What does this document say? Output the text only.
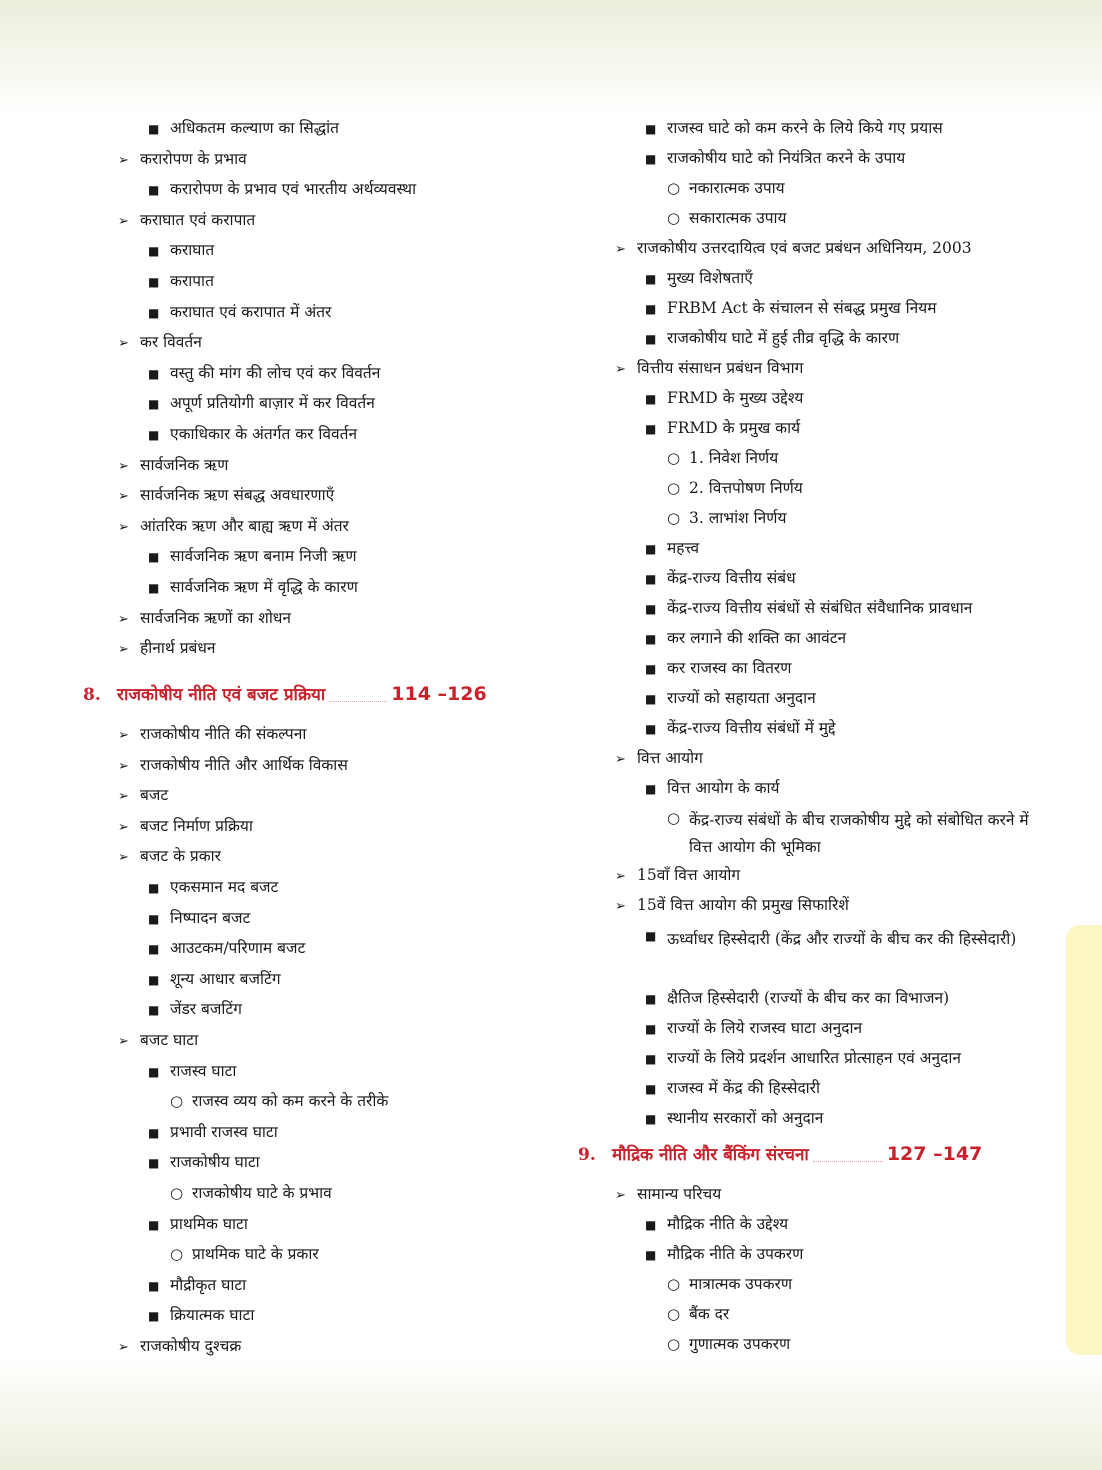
8. राजकोषीय नीति एवं बजट प्रक्रिया	114 –126
■ अधिकतम कल्याण का सिद्धांत
➢ करारोपण के प्रभाव
■ करारोपण के प्रभाव एवं भारतीय अर्थव्यवस्था
➢ कराघात एवं करापात
■ कराघात
■ करापात
■ कराघात एवं करापात में अंतर
➢ कर विवर्तन
■ वस्तु की मांग की लोच एवं कर विवर्तन
■ अपूर्ण प्रतियोगी बाज़ार में कर विवर्तन
■ एकाधिकार के अंतर्गत कर विवर्तन
➢ सार्वजनिक ऋण
➢ सार्वजनिक ऋण संबद्ध अवधारणाएँ
➢ आंतरिक ऋण और बाह्य ऋण में अंतर
■ सार्वजनिक ऋण बनाम निजी ऋण
■ सार्वजनिक ऋण में वृद्धि के कारण
➢ सार्वजनिक ऋणों का शोधन
➢ हीनार्थ प्रबंधन
➢ राजकोषीय नीति की संकल्पना
➢ राजकोषीय नीति और आर्थिक विकास
➢ बजट
➢ बजट निर्माण प्रक्रिया
➢ बजट के प्रकार
■ एकसमान मद बजट
■ निष्पादन बजट
■ आउटकम/परिणाम बजट
■ शून्य आधार बजटिंग
■ जेंडर बजटिंग
➢ बजट घाटा
■ राजस्व घाटा
○ राजस्व व्यय को कम करने के तरीके
■ प्रभावी राजस्व घाटा
■ राजकोषीय घाटा
○ राजकोषीय घाटे के प्रभाव
■ प्राथमिक घाटा
○ प्राथमिक घाटे के प्रकार
■ मौद्रीकृत घाटा
■ क्रियात्मक घाटा
➢ राजकोषीय दुश्चक्र
9. मौद्रिक नीति और बैंकिंग संरचना	127 –147
■ राजस्व घाटे को कम करने के लिये किये गए प्रयास
■ राजकोषीय घाटे को नियंत्रित करने के उपाय
○ नकारात्मक उपाय
○ सकारात्मक उपाय
➢ राजकोषीय उत्तरदायित्व एवं बजट प्रबंधन अधिनियम, 2003
■ मुख्य विशेषताएँ
■ FRBM Act के संचालन से संबद्ध प्रमुख नियम
■ राजकोषीय घाटे में हुई तीव्र वृद्धि के कारण
➢ वित्तीय संसाधन प्रबंधन विभाग
■ FRMD के मुख्य उद्देश्य
■ FRMD के प्रमुख कार्य
○ 1. निवेश निर्णय
○ 2. वित्तपोषण निर्णय
○ 3. लाभांश निर्णय
■ महत्त्व
■ केंद्र-राज्य वित्तीय संबंध
■ केंद्र-राज्य वित्तीय संबंधों से संबंधित संवैधानिक प्रावधान
■ कर लगाने की शक्ति का आवंटन
■ कर राजस्व का वितरण
■ राज्यों को सहायता अनुदान
■ केंद्र-राज्य वित्तीय संबंधों में मुद्दे
➢ वित्त आयोग
■ वित्त आयोग के कार्य
○ केंद्र-राज्य संबंधों के बीच राजकोषीय मुद्दे को संबोधित करने में वित्त आयोग की भूमिका
➢ 15वाँ वित्त आयोग
➢ 15वें वित्त आयोग की प्रमुख सिफारिशें
■ ऊर्ध्वाधर हिस्सेदारी (केंद्र और राज्यों के बीच कर की हिस्सेदारी)
■ क्षैतिज हिस्सेदारी (राज्यों के बीच कर का विभाजन)
■ राज्यों के लिये राजस्व घाटा अनुदान
■ राज्यों के लिये प्रदर्शन आधारित प्रोत्साहन एवं अनुदान
■ राजस्व में केंद्र की हिस्सेदारी
■ स्थानीय सरकारों को अनुदान
➢ सामान्य परिचय
■ मौद्रिक नीति के उद्देश्य
■ मौद्रिक नीति के उपकरण
○ मात्रात्मक उपकरण
○ बैंक दर
○ गुणात्मक उपकरण
